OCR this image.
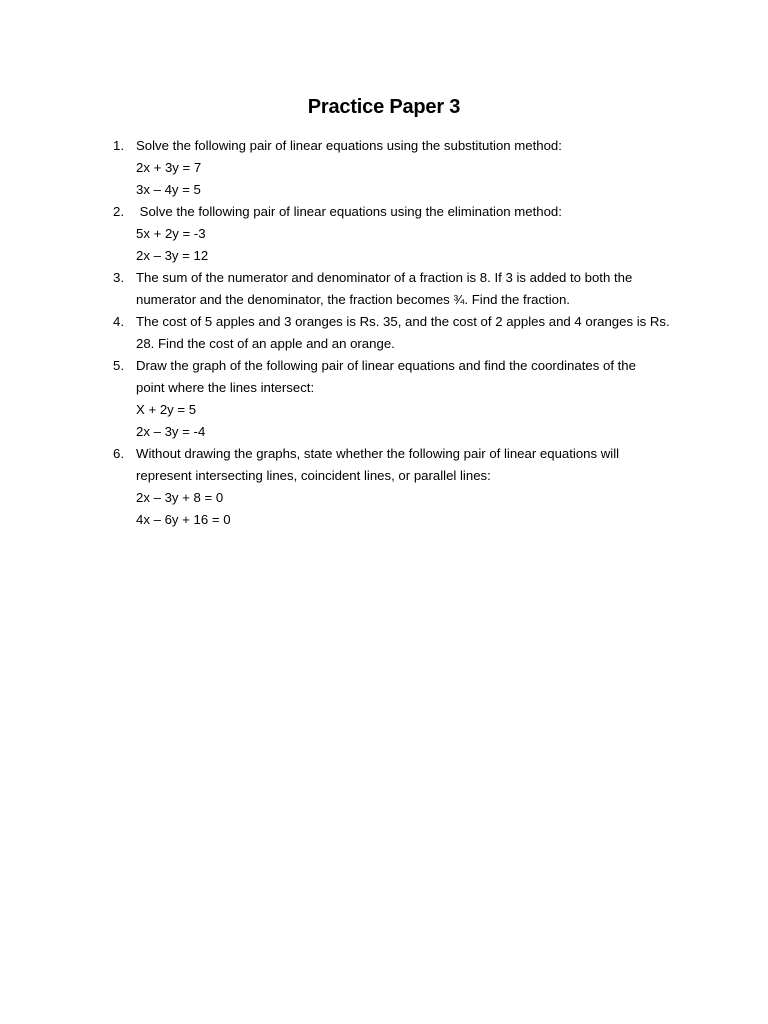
Practice Paper 3
1. Solve the following pair of linear equations using the substitution method:
2x + 3y = 7
3x – 4y = 5
2. Solve the following pair of linear equations using the elimination method:
5x + 2y = -3
2x – 3y = 12
3. The sum of the numerator and denominator of a fraction is 8. If 3 is added to both the
numerator and the denominator, the fraction becomes ¾. Find the fraction.
4. The cost of 5 apples and 3 oranges is Rs. 35, and the cost of 2 apples and 4 oranges is Rs.
28. Find the cost of an apple and an orange.
5. Draw the graph of the following pair of linear equations and find the coordinates of the
point where the lines intersect:
X + 2y = 5
2x – 3y = -4
6. Without drawing the graphs, state whether the following pair of linear equations will
represent intersecting lines, coincident lines, or parallel lines:
2x – 3y + 8 = 0
4x – 6y + 16 = 0
